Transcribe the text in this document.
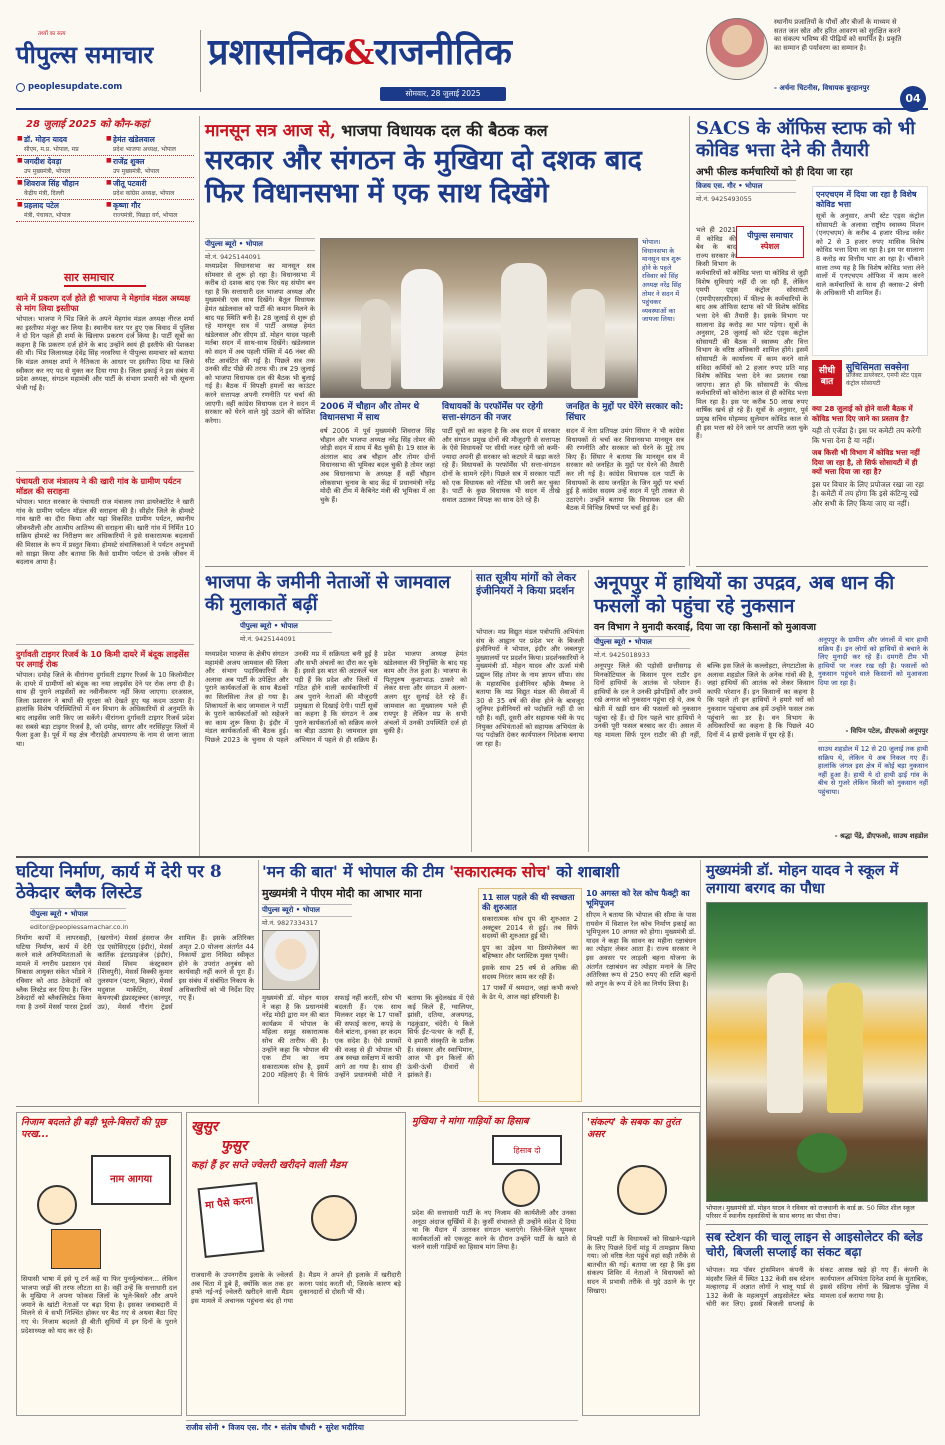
तथ्यों का सत्य
पीपुल्स समाचार
peoplesupdate.com
प्रशासनिक&राजनीतिक
सोमवार, 28 जुलाई 2025
स्थानीय प्रजातियों के पौधों और बीजों के माध्यम से सतत जल स्रोत और हरित आवरण को सुरक्षित करने का संकल्प भविष्य की पीढ़ियों को समर्पित है। प्रकृति का सम्मान ही पर्यावरण का सम्मान है।
- अर्चना चिटनीस, विधायक बुरहानपुर
04
28 जुलाई 2025 को कौन-कहां
■ डॉ. मोहन यादव
सीएम, म.प्र. भोपाल, मप्र
■ हेमंत खंडेलवाल
प्रदेश भाजपा अध्यक्ष, भोपाल
■ जगदीश देवड़ा
उप मुख्यमंत्री, भोपाल
■ राजेंद्र शुक्ल
उप मुख्यमंत्री, भोपाल
■ शिवराज सिंह चौहान
केंद्रीय मंत्री, दिल्ली
■ जीतू पटवारी
प्रदेश कांग्रेस अध्यक्ष, भोपाल
■ प्रहलाद पटेल
मंत्री, पंचायत, भोपाल
■ कृष्णा गौर
राज्यमंत्री, पिछड़ा वर्ग, भोपाल
सार समाचार
थाने में प्रकरण दर्ज होते ही भाजपा ने मेहगांव मंडल अध्यक्ष से मांग लिया इस्तीफा
भोपाल। भाजपा ने भिंड जिले के अपने मेहगांव मंडल अध्यक्ष नीरज शर्मा का इस्तीफा मंजूर कर लिया है। स्थानीय स्तर पर हुए एक विवाद में पुलिस ने दो दिन पहले ही शर्मा के खिलाफ प्रकरण दर्ज किया है। पार्टी सूत्रों का कहना है कि प्रकरण दर्ज होने के बाद उन्होंने स्वयं ही इस्तीफे की पेशकश की थी। भिंड जिलाध्यक्ष देवेंद्र सिंह नरवरिया ने पीपुल्स समाचार को बताया कि मंडल अध्यक्ष शर्मा ने नैतिकता के आधार पर इस्तीफा दिया था जिसे स्वीकार कर नए पद से मुक्त कर दिया गया है। जिला इकाई ने इस संबंध में प्रदेश अध्यक्ष, संगठन महामंत्री और पार्टी के संभाग प्रभारी को भी सूचना भेजी गई है।
पंचायती राज मंत्रालय ने की खारी गांव के ग्रामीण पर्यटन मॉडल की सराहना
भोपाल। भारत सरकार के पंचायती राज मंत्रालय तथा डायरेक्टोरेट ने खारी गांव के ग्रामीण पर्यटन मॉडल की सराहना की है। सीहोर जिले के होमस्टे गांव खारी का दौरा किया और यहां विकसित ग्रामीण पर्यटन, स्थानीय जीवनशैली और आत्मीय आतिथ्य की सराहना की। खारी गांव में निर्मित 10 सक्रिय होमस्टे का निरीक्षण कर अधिकारियों ने इसे सकारात्मक बदलावों की मिसाल के रूप में प्रस्तुत किया। होमस्टे संचालिकाओं ने पर्यटन अनुभवों को साझा किया और बताया कि कैसे ग्रामीण पर्यटन से उनके जीवन में बदलाव आया है।
दुर्गावती टाइगर रिजर्व के 10 किमी दायरे में बंदूक लाइसेंस पर लगाई रोक
भोपाल। दमोह जिले के वीरांगना दुर्गावती टाइगर रिजर्व के 10 किलोमीटर के दायरे में ग्रामीणों को बंदूक का नया लाइसेंस देने पर रोक लगा दी है। साथ ही पुराने लाइसेंसों का नवीनीकरण नहीं किया जाएगा। दरअसल, जिला प्रशासन ने बाघों की सुरक्षा को देखते हुए यह कदम उठाया है। हालांकि विशेष परिस्थितियों में वन विभाग के अधिकारियों से अनुमति के बाद लाइसेंस जारी किए जा सकेंगे। वीरांगना दुर्गावती टाइगर रिजर्व प्रदेश का सबसे बड़ा टाइगर रिजर्व है, जो दमोह, सागर और नरसिंहपुर जिलों में फैला हुआ है। पूर्व में यह क्षेत्र नौरादेही अभयारण्य के नाम से जाना जाता था।
मानसून सत्र आज से, भाजपा विधायक दल की बैठक कल
सरकार और संगठन के मुखिया दो दशक बाद फिर विधानसभा में एक साथ दिखेंगे
पीपुल्स ब्यूरो • भोपाल
मो.नं. 9425144091
भोपाल। विधानसभा के मानसून सत्र शुरू होने के पहले रविवार को सिंह अध्यक्ष नरेंद्र सिंह तोमर ने सदन में पहुंचकर व्यवस्थाओं का जायजा लिया।
मध्यप्रदेश विधानसभा का मानसून सत्र सोमवार से शुरू हो रहा है। विधानसभा में करीब दो दशक बाद एक फिर यह संयोग बन रहा है कि सत्ताधारी दल भाजपा अध्यक्ष और मुख्यमंत्री एक साथ दिखेंगे। बैतूल विधायक हेमंत खंडेलवाल को पार्टी की कमान मिलने के बाद यह स्थिति बनी है। 28 जुलाई से शुरू हो रहे मानसून सत्र में पार्टी अध्यक्ष हेमंत खंडेलवाल और सीएम डॉ. मोहन यादव पहली मर्तबा सदन में साथ-साथ दिखेंगे। खंडेलवाल को सदन में अब पहली पंक्ति में 46 नंबर की सीट आवंटित की गई है। पिछले सत्र तक उनकी सीट पीछे की तरफ थी। तब 29 जुलाई को भाजपा विधायक दल की बैठक भी बुलाई गई है। बैठक में विपक्षी हमलों का काउंटर करने सत्तापक्ष अपनी रणनीति पर चर्चा की जाएगी। वहीं कांग्रेस विधायक दल ने सदन में सरकार को घेरने वाले मुद्दे उठाने की कोशिश करेगा।
2006 में चौहान और तोमर थे विधानसभा में साथ
वर्ष 2006 में पूर्व मुख्यमंत्री शिवराज सिंह चौहान और भाजपा अध्यक्ष नरेंद्र सिंह तोमर की जोड़ी सदन में साथ में बैठ चुकी है। 19 साल के अंतराल बाद अब चौहान और तोमर दोनों विधानसभा की भूमिका बदल चुकी है तोमर जहां अब विधानसभा के अध्यक्ष हैं वहीं चौहान लोकसभा चुनाव के बाद केंद्र में प्रधानमंत्री नरेंद्र मोदी की टीम में कैबिनेट मंत्री की भूमिका में आ चुके हैं।
विधायकों के परफॉर्मेंस पर रहेगी सत्ता-संगठन की नजर
पार्टी सूत्रों का कहना है कि अब सदन में सरकार और संगठन प्रमुख दोनों की मौजूदगी से सत्तापक्ष के ऐसे विधायकों पर सीधी नजर रहेगी जो कमी-ज्यादा अपनी ही सरकार को कटघरे में खड़ा करते रहे हैं। विधायकों के परफॉर्मेंस भी सत्ता-संगठन दोनों के सामने रहेंगे। पिछले सत्र में सरकार पार्टी को एक विधायक को नोटिस भी जारी कर चुका है। पार्टी के कुछ विधायक भी सदन में तीखे सवाल उठाकर विपक्ष का साथ देते रहे हैं।
जनहित के मुद्दों पर घेरेंगे सरकार को: सिंघार
सदन में नेता प्रतिपक्ष उमंग सिंघार ने भी कांग्रेस विधायकों से चर्चा कर विधानसभा मानसून सत्र की रणनीति और सरकार को घेरने के मुद्दे तय किए हैं। सिंघार ने बताया कि मानसून सत्र में सरकार को जनहित के मुद्दों पर घेरने की तैयारी कर ली गई है। कांग्रेस विधायक दल पार्टी के विधायकों के साथ जनहित के जिन मुद्दों पर चर्चा हुई है कांग्रेस सदस्य उन्हें सदन में पूरी ताकत से उठाएंगे। उन्होंने बताया कि विधायक दल की बैठक में विभिन्न विषयों पर चर्चा हुई है।
SACS के ऑफिस स्टाफ को भी कोविड भत्ता देने की तैयारी
अभी फील्ड कर्मचारियों को ही दिया जा रहा
विजय एस. गौर • भोपाल
मो.नं. 9425493055
पीपुल्स समाचार
स्पेशल
भले ही 2021 में कोविड की बेव के बाद राज्य सरकार के किसी विभाग के कर्मचारियों को कोविड भत्ता या कोविड से जुड़ी विशेष सुविधाएं नहीं दी जा रही हैं, लेकिन एमपी एड्स कंट्रोल सोसायटी (एमपीएसएसीएस) में फील्ड के कर्मचारियों के बाद अब ऑफिस स्टाफ को भी विशेष कोविड भत्ता देने की तैयारी है। इसके विभाग पर सालाना डेढ़ करोड़ का भार पड़ेगा। सूत्रों के अनुसार, 28 जुलाई को स्टेट एड्स कंट्रोल सोसायटी की बैठक में स्वास्थ्य और वित्त विभाग के वरिष्ठ अधिकारी शामिल होंगे। इसमें सोसायटी के कार्यालय में काम करने वाले संविदा कर्मियों को 2 हजार रुपए प्रति माह विशेष कोविड भत्ता देने का प्रस्ताव रखा जाएगा। ज्ञात हो कि सोसायटी के फील्ड कर्मचारियों को कोरोना काल से ही कोविड भत्ता मिल रहा है। इस पर करीब 50 लाख रुपए वार्षिक खर्च हो रहे हैं। सूत्रों के अनुसार, पूर्व प्रमुख सचिव मोहम्मद सुलेमान कोविड काल से ही इस भत्ता को देने जाने पर आपत्ति जता चुके हैं।
एनएचएम में दिया जा रहा है विशेष कोविड भत्ता
सूत्रों के अनुसार, अभी स्टेट एड्स कंट्रोल सोसायटी के अलावा राष्ट्रीय स्वास्थ्य मिशन (एनएचएम) के करीब 4 हजार फील्ड वर्कर को 2 से 3 हजार रुपए मासिक विशेष कोविड भत्ता दिया जा रहा है। इस पर सालाना 8 करोड़ का वित्तीय भार आ रहा है। चौंकाने वाला तथ्य यह है कि विशेष कोविड भत्ता लेने वालों में एनएचएम ऑफिस में काम करने वाले कर्मचारियों के साथ ही क्लास-2 श्रेणी के अधिकारी भी शामिल हैं।
सीधी बात
सुचिसिमता सक्सेना
प्रोजेक्ट डायरेक्टर, एमपी स्टेट एड्स कंट्रोल सोसायटी
क्या 28 जुलाई को होने वाली बैठक में कोविड भत्ता दिए जाने का प्रस्ताव है?
यही तो एजेंडा है। इस पर कमेटी तय करेगी कि भत्ता देना है या नहीं।
जब किसी भी विभाग में कोविड भत्ता नहीं दिया जा रहा है, तो सिर्फ सोसायटी में ही क्यों भत्ता दिया जा रहा है?
इस पर विचार के लिए प्रपोजल रखा जा रहा है। कमेटी में तय होगा कि इसे कंटिन्यू रखें और सभी के लिए किया जाए या नहीं।
भाजपा के जमीनी नेताओं से जामवाल की मुलाकातें बढ़ीं
पीपुल्स ब्यूरो • भोपाल
मो.नं. 9425144091
मध्यप्रदेश भाजपा के क्षेत्रीय संगठन महामंत्री अजय जामवाल की जिला और संभाग पदाधिकारियों के अलावा अब पार्टी के उपेक्षित और पुराने कार्यकर्ताओं के साथ बैठकों का सिलसिला तेज हो गया है। शिकायतों के बाद जामवाल ने पार्टी के पुराने कार्यकर्ताओं को सहेजने का काम शुरू किया है। इंदौर में मंडल कार्यकर्ताओं की बैठक हुई। पिछले 2023 के चुनाव से पहले उनकी मप्र में सक्रियता बनी हुई है और सभी अंचलों का दौरा कर चुके हैं। इससे इस बात की अटकलें चल पड़ी हैं कि प्रदेश और जिलों में गठित होने वाली कार्यकारिणी में अब पुराने नेताओं की मौजूदगी प्रमुखता से दिखाई देगी। पार्टी सूत्रों का कहना है कि संगठन ने अब पुराने कार्यकर्ताओं को सक्रिय करने का बीड़ा उठाया है। जामवाल इस अभियान में पहले से ही सक्रिय हैं। प्रदेश भाजपा अध्यक्ष हेमंत खंडेलवाल की नियुक्ति के बाद यह काम और तेज हुआ है। भाजपा के पितृपुरुष कुशाभाऊ ठाकरे को लेकर सत्ता और संगठन में अलग-अलग सुर सुनाई देते रहे हैं। जामवाल का मुख्यालय भले ही रायपुर है लेकिन मप्र के सभी अंचलों में उनकी उपस्थिति दर्ज हो चुकी है।
सात सूत्रीय मांगों को लेकर इंजीनियरों ने किया प्रदर्शन
भोपाल। मप्र विद्युत मंडल पत्रोपाधि अभियंता संघ के आह्वान पर प्रदेश भर के बिजली इंजीनियरों ने भोपाल, इंदौर और जबलपुर मुख्यालयों पर प्रदर्शन किया। प्रदर्शनकारियों ने मुख्यमंत्री डॉ. मोहन यादव और ऊर्जा मंत्री प्रद्युम्न सिंह तोमर के नाम ज्ञापन सौंपा। संघ के महासचिव इंजीनियर व्हीके वैष्णव ने बताया कि मप्र विद्युत मंडल की सेवाओं में 30 से 35 वर्ष की सेवा होने के बावजूद जूनियर इंजीनियरों को पदोन्नति नहीं दी जा रही है। वहीं, दूसरी ओर सहायक यंत्री के पद नियुक्त अभियंताओं को सहायक अभियंता के पद पदोन्नति देकर कार्यपालन निदेशक बनाया जा रहा है।
अनूपपुर में हाथियों का उपद्रव, अब धान की फसलों को पहुंचा रहे नुकसान
वन विभाग ने मुनादी करवाई, दिया जा रहा किसानों को मुआवजा
पीपुल्स ब्यूरो • भोपाल
मो.नं. 9425018933
अनूपपुर जिले की पड़ोसी छत्तीसगढ़ से मिनकोटियाल के किसान पूरन राठौर इन दिनों हाथियों के आतंक से परेशान हैं। हाथियों के दल ने उनकी झोपड़ियों और उनमें रखे अनाज को नुकसान पहुंचा रहे थे, अब ये खेती में खड़ी धान की फसलों को नुकसान पहुंचा रहे हैं। दो दिन पहले चार हाथियों ने उनकी पूरी फसल बरबाद कर दी। असल में यह मामला सिर्फ पूरन राठौर की ही नहीं, बल्कि इस जिले के कल्लोहटा, लेगटाटोला के अलावा शहडोल जिले के अनेक गांवों की है, जहां हाथियों की आतंक को लेकर किसान काफी परेशान हैं। इन किसानों का कहना है कि पहले तो इन हाथियों ने हमारे घरों को नुकसान पहुंचाया अब हमें उन्होंने फसल तक पहुंचाने का डर है। वन विभाग के अधिकारियों का कहना है कि पिछले 40 दिनों में 4 हाथी इलाके में घूम रहे हैं।
अनूपपुर के ग्रामीण और जंगलों में चार हाथी सक्रिय हैं। इन लोगों को हाथियों से बचाने के लिए मुनादी कर रहे हैं। दमगरी टीम भी हाथियों पर नजर रख रही है। फसलों को नुकसान पहुंचने वाले किसानों को मुआवजा दिया जा रहा है।
- विपिन पटेल, डीएफओ अनूपपुर
साउथ शहडोल में 12 से 20 जुलाई तक हाथी सक्रिय थे, लेकिन ये अब निकल गए हैं। हालांकि जंगल इस क्षेत्र में कोई बड़ा नुकसान नहीं हुआ है। हाथी ये दो हाथी ढ़ाई गांव के बीच से गुजरे लेकिन किसी को नुकसान नहीं पहुंचाया।
- श्रद्धा पेंद्रे, डीएफओ, साउथ शहडोल
घटिया निर्माण, कार्य में देरी पर 8 ठेकेदार ब्लैक लिस्टेड
पीपुल्स ब्यूरो • भोपाल
editor@peoplessamachar.co.in
निर्माण कार्यों में लापरवाही, घटिया निर्माण, कार्य में देरी करने वाले अनियमितताओं के मामले में नगरीय प्रशासन एवं विकास आयुक्त संकेत भोंडवे ने रविवार को आठ ठेकेदारों को ब्लैक लिस्टेड कर दिया है। जिन ठेकेदारों को ब्लैकलिस्टेड किया गया है उनमें मेसर्स पारस ट्रेडर्स (खरगोन) मेसर्स हंसराज जैन एंड एसोसिएट्स (इंदौर), मेसर्स कार्तिक इंटरप्राइजेज (इंदौर), मेसर्स शिवम कंस्ट्रक्शन (शिवपुरी), मेसर्स विक्की कुमार तुलस्यान (पटना, बिहार), मेसर्स मदुवाल मार्केटिंग, मेसर्स केयनएबी इंफ्रास्ट्रक्चर (कानपुर, उप्र), मेसर्स गौरांग ट्रेडर्स शामिल हैं। इसके अतिरिक्त अमृत 2.0 योजना अंतर्गत 44 निकायों द्वारा निविदा स्वीकृत होने के उपरांत अनुबंध को कार्यवाही नहीं करने से पूरा हैं। इस संबंध में संबंधित निकाय के अधिकारियों को भी निर्देश दिए गए हैं।
'मन की बात' में भोपाल की टीम 'सकारात्मक सोच' को शाबाशी
मुख्यमंत्री ने पीएम मोदी का आभार माना
पीपुल्स ब्यूरो • भोपाल
मो.नं. 9827334317
मुख्यमंत्री डॉ. मोहन यादव ने कहा है कि प्रधानमंत्री नरेंद्र मोदी द्वारा मन की बात कार्यक्रम में भोपाल के महिला समूह सकारात्मक सोच की तारीफ की है। उन्होंने कहा कि भोपाल की एक टीम का नाम सकारात्मक सोच है, इसमें 200 महिलाएं हैं। ये सिर्फ सफाई नहीं करतीं, सोच भी बदलती हैं। एक साथ मिलकर शहर के 17 पार्कों की सफाई करना, कपड़े के थैले बांटना, इनका हर कदम एक संदेश है। ऐसे प्रयासों की वजह से ही भोपाल भी अब स्वच्छ सर्वेक्षण में काफी आगे आ गया है। साथ ही उन्होंने प्रधानमंत्री मोदी ने बताया कि बुंदेलखंड में ऐसे कई किले हैं, ग्वालियर, झांसी, दतिया, अजयगढ़, गढ़कुंडार, चंदेरी। ये किले सिर्फ ईंट-पत्थर के नहीं हैं, ये हमारी संस्कृति के प्रतीक हैं। संस्कार और स्वाभिमान, आज भी इन किलों की ऊंची-ऊंची दीवारों से झांकते हैं।
11 साल पहले की थी स्वच्छता की शुरुआत
सकारात्मक सोच ग्रुप की शुरुआत 2 अक्टूबर 2014 से हुई। तब सिर्फ सदस्यों की शुरुआत हुई थी।
ग्रुप का उद्देश्य था डिस्पोजेबल का बहिष्कार और प्लास्टिक मुक्त पृथ्वी।
इसके साथ 25 वर्ष से अधिक की सदस्य निरंतर काम कर रही हैं।
17 पार्कों में श्रमदान, जहां कभी कचरे के ढेर थे, आज वहां हरियाली है।
10 अगस्त को रेल कोच फैक्ट्री का भूमिपूजन
सीएम ने बताया कि भोपाल की सीमा के पास रायसेन में विशाल रेल कोच निर्माण इकाई का भूमिपूजन 10 अगस्त को होगा। मुख्यमंत्री डॉ. यादव ने कहा कि सावन का महीना रक्षाबंधन का त्योहार लेकर आता है। राज्य सरकार ने इस अवसर पर लाड़ली बहना योजना के अंतर्गत रक्षाबंधन का त्योहार मनाने के लिए अतिरिक्त रूप से 250 रुपए की राशि बहनों को शगुन के रूप में देने का निर्णय लिया है।
मुख्यमंत्री डॉ. मोहन यादव ने स्कूल में लगाया बरगद का पौधा
भोपाल। मुख्यमंत्री डॉ. मोहन यादव ने रविवार को राजधानी के वार्ड क्र. 50 स्थित शील स्कूल परिसर में स्थानीय रहवासियों के साथ बरगद का पौधा रोपा।
निजाम बदलते ही बड़ी भूले-बिसरों की पूछ परख...
नाम आगया
सियासी भाषा में इसे यू टर्न कहें या फिर पुनर्मूल्यांकन... लेकिन भाजपा जड़ों की तरफ लौटता सा है। वहीं उन्हें कि सत्ताधारी दल के मुखिया ने अपना फोकस जिलों के भूले-बिसरे और अपने जमाने के खांटी नेताओं पर बढ़ा दिया है। इसका जवाबदारी में मिलने से वे सभी निश्चिंत होकर घर बैठ गए थे अथवा बैठा दिए गए थे। निजाम बदलते ही बीती सुधियों में इन दिनों के पुराने प्रदेशाध्यक्ष को याद कर रहे हैं।
खुसुर
फुसुर
कहां हैं हर सप्ते ज्वेलरी खरीदने वाली मैडम
मा पैसे करना
राजधानी के उपनगरीय इलाके के ज्वेलर्स अब चिंता में डूबे हैं, क्योंकि कल तक हर हफ्ते नई-नई ज्वेलरी खरीदने वाली मैडम इस मामले में अचानक पहुंचना बंद हो गया है। मैडम ने अपने ही इलाके में खरीदारी करना पसंद करती थी, जिसके कारण बड़े दुकानदारों से दोस्ती भी थी।
मुखिया ने मांगा गाड़ियों का हिसाब
हिसाब दो
प्रदेश की सत्ताधारी पार्टी के नए निजाम की कार्यशैली और उनका अनूठा अंदाज सुर्खियों में है। कुर्सी संभालते ही उन्होंने संदेश दे दिया था कि मैदान में उतरकर संगठन चलाएंगे। जिले-जिले घूमकर कार्यकर्ताओं को एकजुट करने के दौरान उन्होंने पार्टी के खाते से चलने वाली गाड़ियों का हिसाब मांग लिया है।
'संकल्प' के सबक का तुरंत असर
विपक्षी पार्टी के विधायकों को सिखाने-पढ़ाने के लिए पिछले दिनों मांडू में तामझाम किया गया। जो वरिष्ठ नेता पहुंचे वहां सही तरीके से बातचीत की गई। बताया जा रहा है कि इस संकल्प शिविर में नेताओं ने विधायकों को सदन में प्रभावी तरीके से मुद्दे उठाने के गुर सिखाए।
राजीव सोनी • विजय एस. गौर • संतोष चौधरी • सुरेश भदौरिया
सब स्टेशन की चालू लाइन से आइसोलेटर की ब्लेड चोरी, बिजली सप्लाई का संकट बढ़ा
भोपाल। मप्र पॉवर ट्रांसमिशन कंपनी के मंदसौर जिले में स्थित 132 केवी सब स्टेशन मल्हारगढ़ में अज्ञात लोगों ने चालू यार्ड से 132 केवी के महत्वपूर्ण आइसोलेटर ब्लेड चोरी कर लिए। इससे बिजली सप्लाई के संकट आसन्न खड़े हो गए हैं। कंपनी के कार्यपालन अभियंता दिनेश शर्मा के मुताबिक, इससे संदिग्ध लोगों के खिलाफ पुलिस में मामला दर्ज कराया गया है।
